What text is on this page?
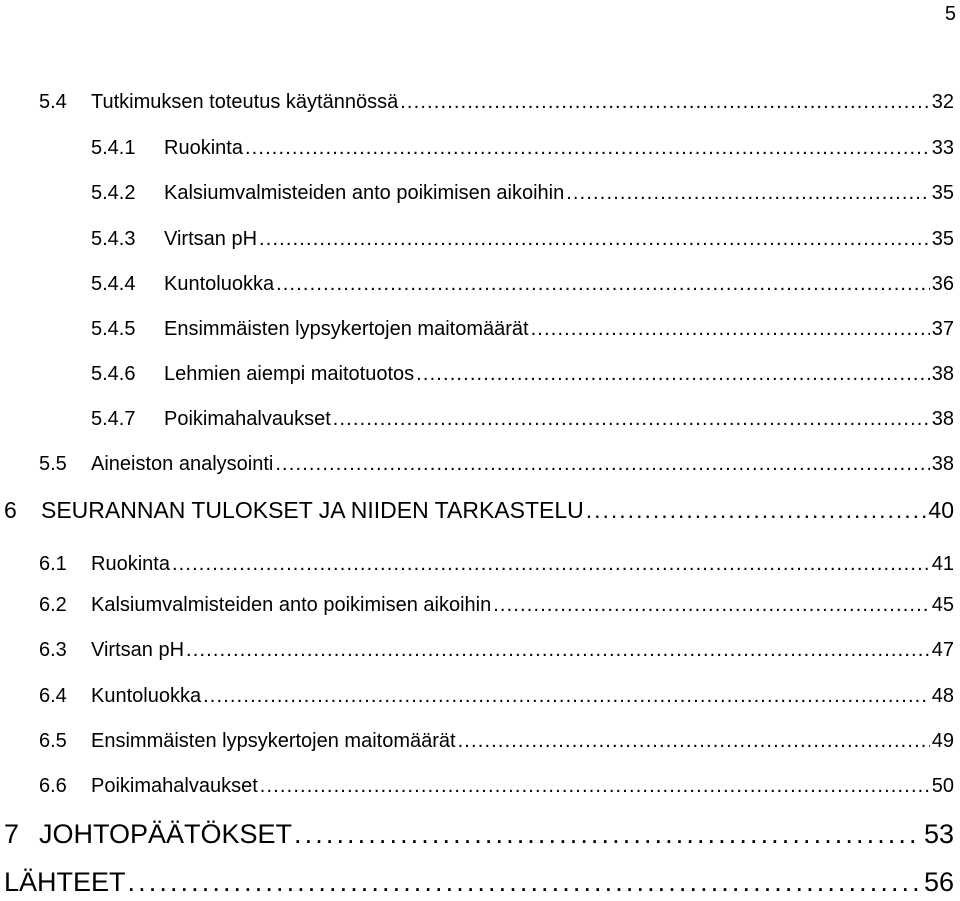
5
5.4	Tutkimuksen toteutus käytännössä . . .	32
5.4.1	Ruokinta . . .	33
5.4.2	Kalsiumvalmisteiden anto poikimisen aikoihin . . .	35
5.4.3	Virtsan pH . . .	35
5.4.4	Kuntoluokka . . .	36
5.4.5	Ensimmäisten lypsykertojen maitomäärät . . .	37
5.4.6	Lehmien aiempi maitotuotos . . .	38
5.4.7	Poikimahalvaukset . . .	38
5.5	Aineiston analysointi . . .	38
6	SEURANNAN TULOKSET JA NIIDEN TARKASTELU . . .	40
6.1	Ruokinta . . .	41
6.2	Kalsiumvalmisteiden anto poikimisen aikoihin . . .	45
6.3	Virtsan pH . . .	47
6.4	Kuntoluokka . . .	48
6.5	Ensimmäisten lypsykertojen maitomäärät . . .	49
6.6	Poikimahalvaukset . . .	50
7 JOHTOPÄÄTÖKSET . . .	53
LÄHTEET . . .	56
